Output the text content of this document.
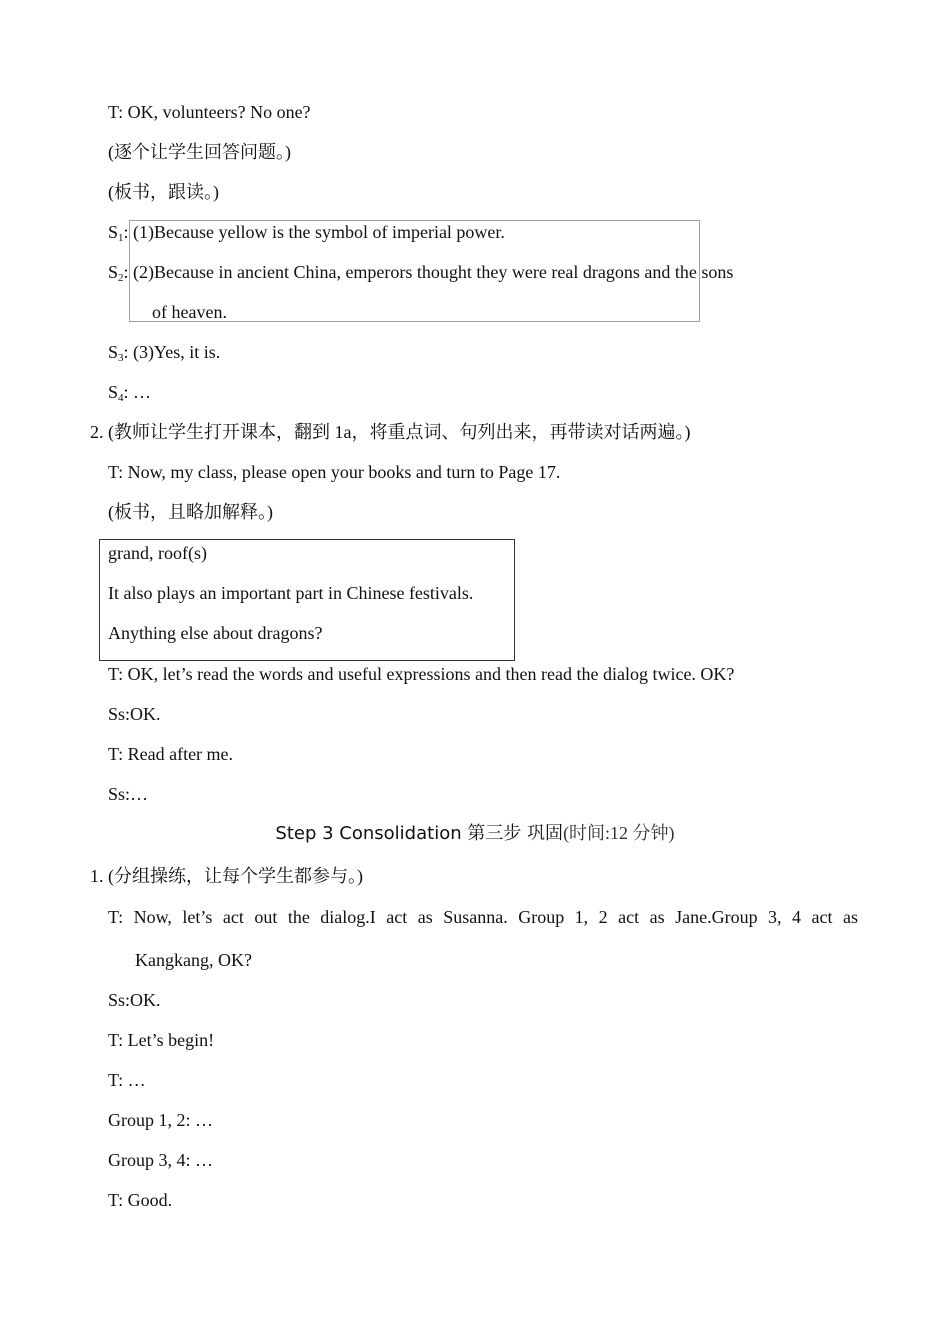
T: OK, volunteers? No one?
(逐个让学生回答问题。)
(板书，跟读。)
$S_1$: (1)Because yellow is the symbol of imperial power.
$S_2$: (2)Because in ancient China, emperors thought they were real dragons and the sons
of heaven.
$S_3$: (3)Yes, it is.
$S_4$: …
2. (教师让学生打开课本，翻到 1a，将重点词、句列出来，再带读对话两遍。)
T: Now, my class, please open your books and turn to Page 17.
(板书，且略加解释。)
grand, roof(s)
It also plays an important part in Chinese festivals.
Anything else about dragons?
T: OK, let’s read the words and useful expressions and then read the dialog twice. OK?
Ss:OK.
T: Read after me.
Ss:…
Step 3 Consolidation 第三步 巩固(时间:12 分钟)
1. (分组操练，让每个学生都参与。)
T: Now, let’s act out the dialog.I act as Susanna. Group 1, 2 act as Jane.Group 3, 4 act as
Kangkang, OK?
Ss:OK.
T: Let’s begin!
T: …
Group 1, 2: …
Group 3, 4: …
T: Good.
